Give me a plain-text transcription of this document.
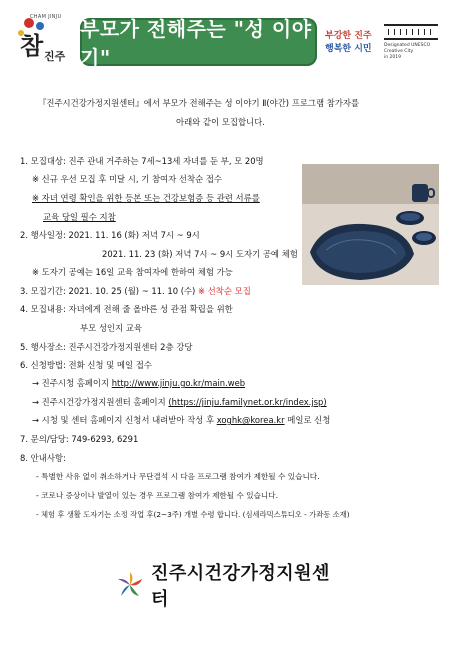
CHAM JINJU
참 진주
부모가 전해주는 "성 이야기"
부강한 진주
행복한 시민	Designated UNESCO
Creative City
in 2019
『진주시건강가정지원센터』에서 부모가 전해주는 성 이야기 Ⅱ(야간) 프로그램 참가자를
아래와 같이 모집합니다.
1. 모집대상: 진주 관내 거주하는 7세~13세 자녀를 둔 부, 모 20명
※ 신규 우선 모집 후 미달 시, 기 참여자 선착순 접수
※ 자녀 연령 확인을 위한 등본 또는 건강보험증 등 관련 서류를
교육 당일 필수 지참
2. 행사일정: 2021. 11. 16 (화) 저녁 7시 ~ 9시
2021. 11. 23 (화) 저녁 7시 ~ 9시 도자기 공예 체험
※ 도자기 공예는 16일 교육 참여자에 한하여 체험 가능
3. 모집기간: 2021. 10. 25 (월) ~ 11. 10 (수) ※ 선착순 모집
4. 모집내용: 자녀에게 전해 줄 올바른 성 관점 확립을 위한
부모 성인지 교육
5. 행사장소: 진주시건강가정지원센터 2층 강당
6. 신청방법: 전화 신청 및 메일 접수
→ 진주시청 홈페이지 http://www.jinju.go.kr/main.web
→ 진주시건강가정지원센터 홈페이지 (https://jinju.familynet.or.kr/index.jsp)
→ 시청 및 센터 홈페이지 신청서 내려받아 작성 후 xoghk@korea.kr 메일로 신청
7. 문의/담당: 749-6293, 6291
8. 안내사항:
- 특별한 사유 없이 취소하거나 무단결석 시 다음 프로그램 참여가 제한될 수 있습니다.
- 코로나 증상이나 발열이 있는 경우 프로그램 참여가 제한될 수 있습니다.
- 체험 후 생활 도자기는 소정 작업 후(2~3주) 개별 수령 합니다. (심세라믹스튜디오 - 가좌동 소재)
진주시건강가정지원센터
